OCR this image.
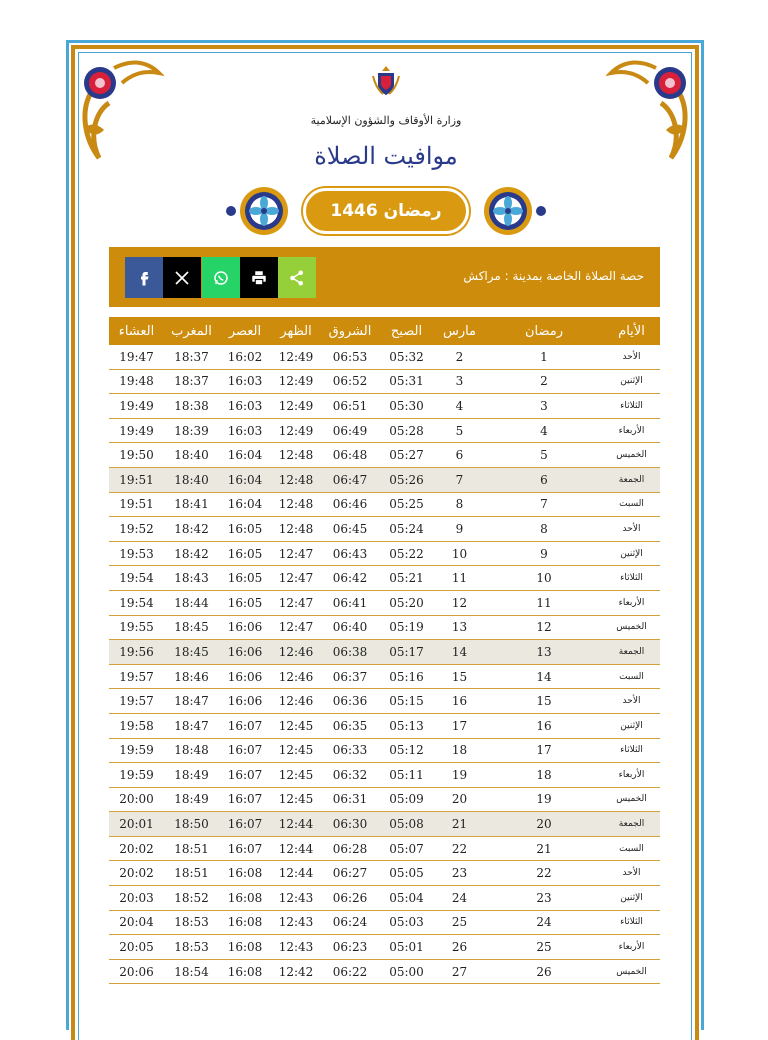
وزارة الأوقاف والشؤون الإسلامية
موافيت الصلاة
رمضان 1446
حصة الصلاة الخاصة بمدينة : مراكش
العشاء	المغرب	العصر	الظهر	الشروق	الصبح	مارس	رمضان	الأيام
19:47	18:37	16:02	12:49	06:53	05:32	2	1	الأحد
19:48	18:37	16:03	12:49	06:52	05:31	3	2	الإثنين
19:49	18:38	16:03	12:49	06:51	05:30	4	3	الثلاثاء
19:49	18:39	16:03	12:49	06:49	05:28	5	4	الأربعاء
19:50	18:40	16:04	12:48	06:48	05:27	6	5	الخميس
19:51	18:40	16:04	12:48	06:47	05:26	7	6	الجمعة
19:51	18:41	16:04	12:48	06:46	05:25	8	7	السبت
19:52	18:42	16:05	12:48	06:45	05:24	9	8	الأحد
19:53	18:42	16:05	12:47	06:43	05:22	10	9	الإثنين
19:54	18:43	16:05	12:47	06:42	05:21	11	10	الثلاثاء
19:54	18:44	16:05	12:47	06:41	05:20	12	11	الأربعاء
19:55	18:45	16:06	12:47	06:40	05:19	13	12	الخميس
19:56	18:45	16:06	12:46	06:38	05:17	14	13	الجمعة
19:57	18:46	16:06	12:46	06:37	05:16	15	14	السبت
19:57	18:47	16:06	12:46	06:36	05:15	16	15	الأحد
19:58	18:47	16:07	12:45	06:35	05:13	17	16	الإثنين
19:59	18:48	16:07	12:45	06:33	05:12	18	17	الثلاثاء
19:59	18:49	16:07	12:45	06:32	05:11	19	18	الأربعاء
20:00	18:49	16:07	12:45	06:31	05:09	20	19	الخميس
20:01	18:50	16:07	12:44	06:30	05:08	21	20	الجمعة
20:02	18:51	16:07	12:44	06:28	05:07	22	21	السبت
20:02	18:51	16:08	12:44	06:27	05:05	23	22	الأحد
20:03	18:52	16:08	12:43	06:26	05:04	24	23	الإثنين
20:04	18:53	16:08	12:43	06:24	05:03	25	24	الثلاثاء
20:05	18:53	16:08	12:43	06:23	05:01	26	25	الأربعاء
20:06	18:54	16:08	12:42	06:22	05:00	27	26	الخميس
